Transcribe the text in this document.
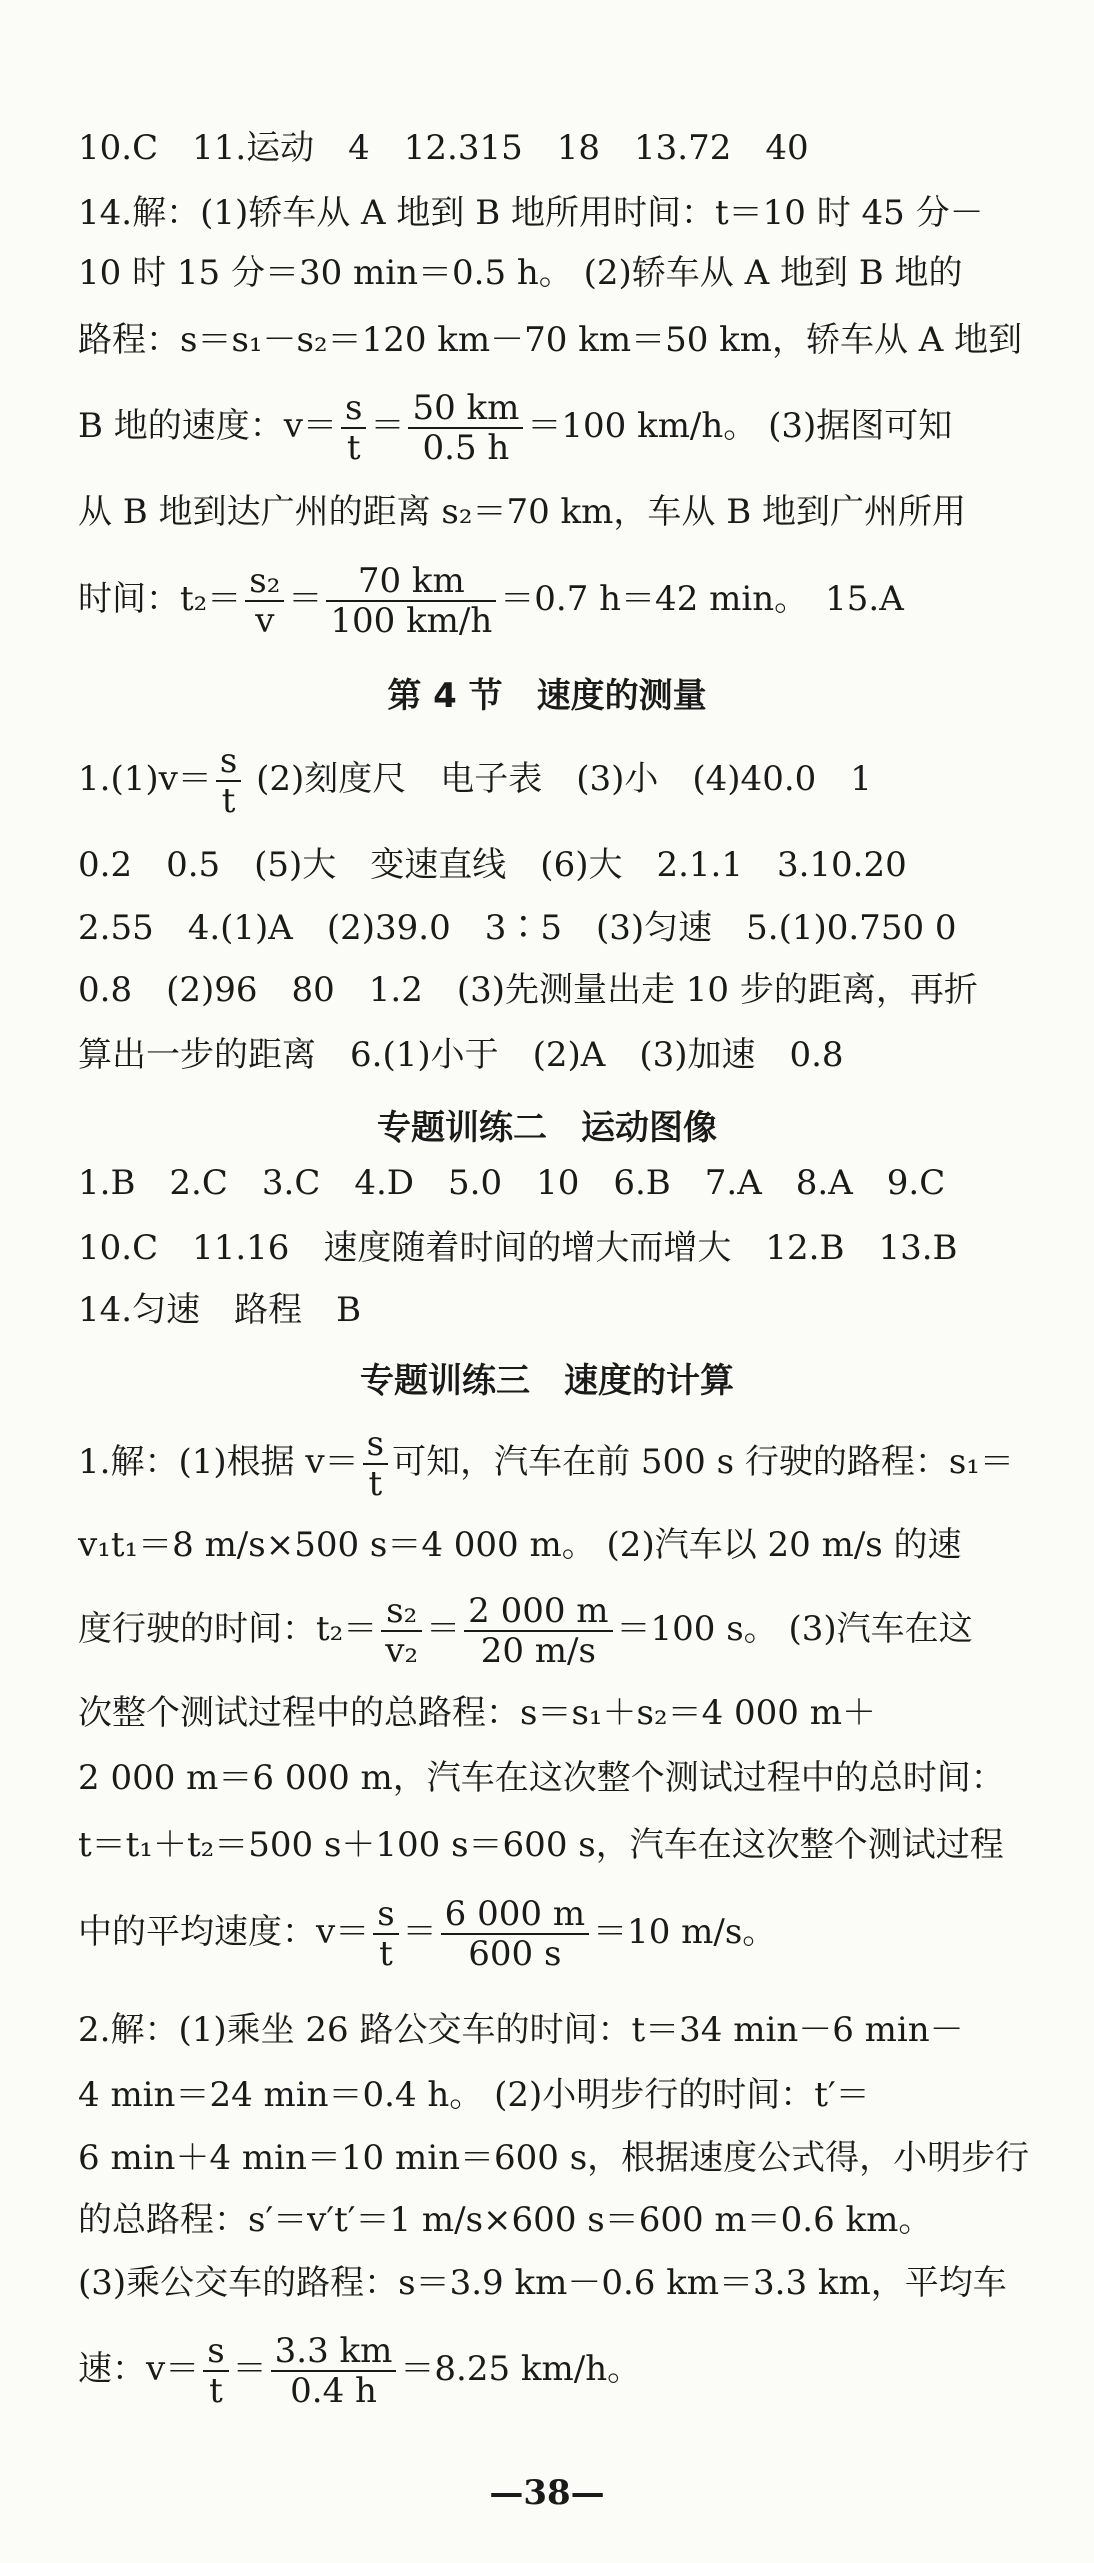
10.C　11.运动　4　12.315　18　13.72　40
14.解：(1)轿车从 A 地到 B 地所用时间：t＝10 时 45 分－
10 时 15 分＝30 min＝0.5 h。 (2)轿车从 A 地到 B 地的
路程：s＝s₁－s₂＝120 km－70 km＝50 km，轿车从 A 地到
B 地的速度：$v= \frac{s}{t} = \frac{50 km}{0.5 h} =100$ km/h。 (3)据图可知
从 B 地到达广州的距离 s₂＝70 km，车从 B 地到广州所用
时间：$t_2= \frac{\text{s₂}}{v} = \frac{70 km}{100 km/h} =0.7$ h＝42 min。　15.A
第 4 节　速度的测量
$1.(1)v= \frac{s}{t} (2)$刻度尺　电子表　(3)小　(4)40.0　1
0.2　0.5　(5)大　变速直线　(6)大　2.1.1　3.10.20
2.55　4.(1)A　(2)39.0　3∶5　(3)匀速　5.(1)0.750 0
0.8　(2)96　80　1.2　(3)先测量出走 10 步的距离，再折
算出一步的距离　6.(1)小于　(2)A　(3)加速　0.8
专题训练二　运动图像
1.B　2.C　3.C　4.D　5.0　10　6.B　7.A　8.A　9.C
10.C　11.16　速度随着时间的增大而增大　12.B　13.B
14.匀速　路程　B
专题训练三　速度的计算
1.解：(1)根据 $v= \frac{s}{t}$ 可知，汽车在前 500 s 行驶的路程：s₁＝
v₁t₁＝8 m/s×500 s＝4 000 m。 (2)汽车以 20 m/s 的速
度行驶的时间：$t_2= \frac{\text{s₂}}{\text{v₂}} = \frac{2 000 m}{20 m/s} =100$ s。 (3)汽车在这
次整个测试过程中的总路程：s＝s₁＋s₂＝4 000 m＋
2 000 m＝6 000 m，汽车在这次整个测试过程中的总时间：
t＝t₁＋t₂＝500 s＋100 s＝600 s，汽车在这次整个测试过程
中的平均速度：$v= \frac{s}{t} = \frac{6 000 m}{600 s} =10$ m/s。
2.解：(1)乘坐 26 路公交车的时间：t＝34 min－6 min－
4 min＝24 min＝0.4 h。 (2)小明步行的时间：t′＝
6 min＋4 min＝10 min＝600 s，根据速度公式得，小明步行
的总路程：s′＝v′t′＝1 m/s×600 s＝600 m＝0.6 km。
(3)乘公交车的路程：s＝3.9 km－0.6 km＝3.3 km，平均车
速：$v= \frac{s}{t} = \frac{3.3 km}{0.4 h} =8.25$ km/h。
—38—
